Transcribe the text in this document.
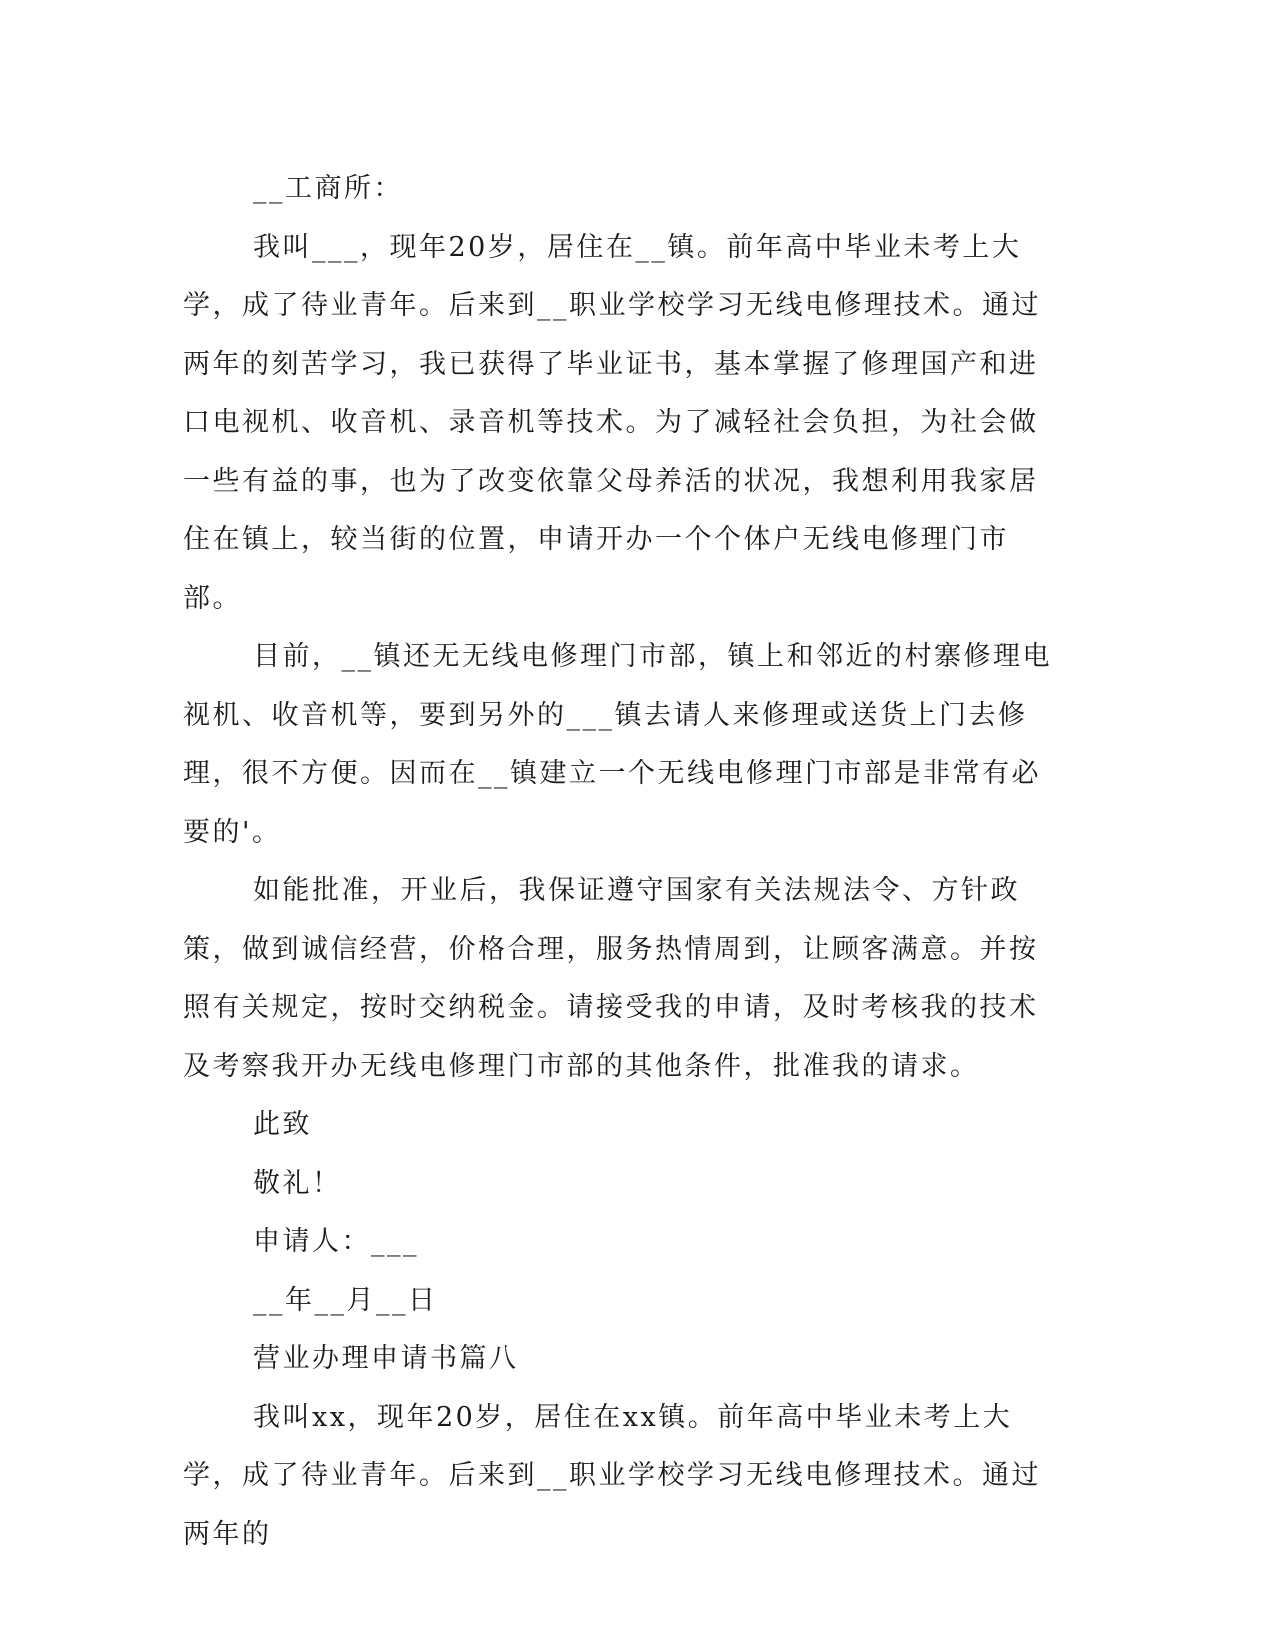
__工商所：

我叫___，现年20岁，居住在__镇。前年高中毕业未考上大学，成了待业青年。后来到__职业学校学习无线电修理技术。通过两年的刻苦学习，我已获得了毕业证书，基本掌握了修理国产和进口电视机、收音机、录音机等技术。为了减轻社会负担，为社会做一些有益的事，也为了改变依靠父母养活的状况，我想利用我家居住在镇上，较当街的位置，申请开办一个个体户无线电修理门市部。

目前，__镇还无无线电修理门市部，镇上和邻近的村寨修理电视机、收音机等，要到另外的___镇去请人来修理或送货上门去修理，很不方便。因而在__镇建立一个无线电修理门市部是非常有必要的'。

如能批准，开业后，我保证遵守国家有关法规法令、方针政策，做到诚信经营，价格合理，服务热情周到，让顾客满意。并按照有关规定，按时交纳税金。请接受我的申请，及时考核我的技术及考察我开办无线电修理门市部的其他条件，批准我的请求。

此致

敬礼！

申请人：___

__年__月__日

营业办理申请书篇八

我叫xx，现年20岁，居住在xx镇。前年高中毕业未考上大学，成了待业青年。后来到__职业学校学习无线电修理技术。通过两年的
